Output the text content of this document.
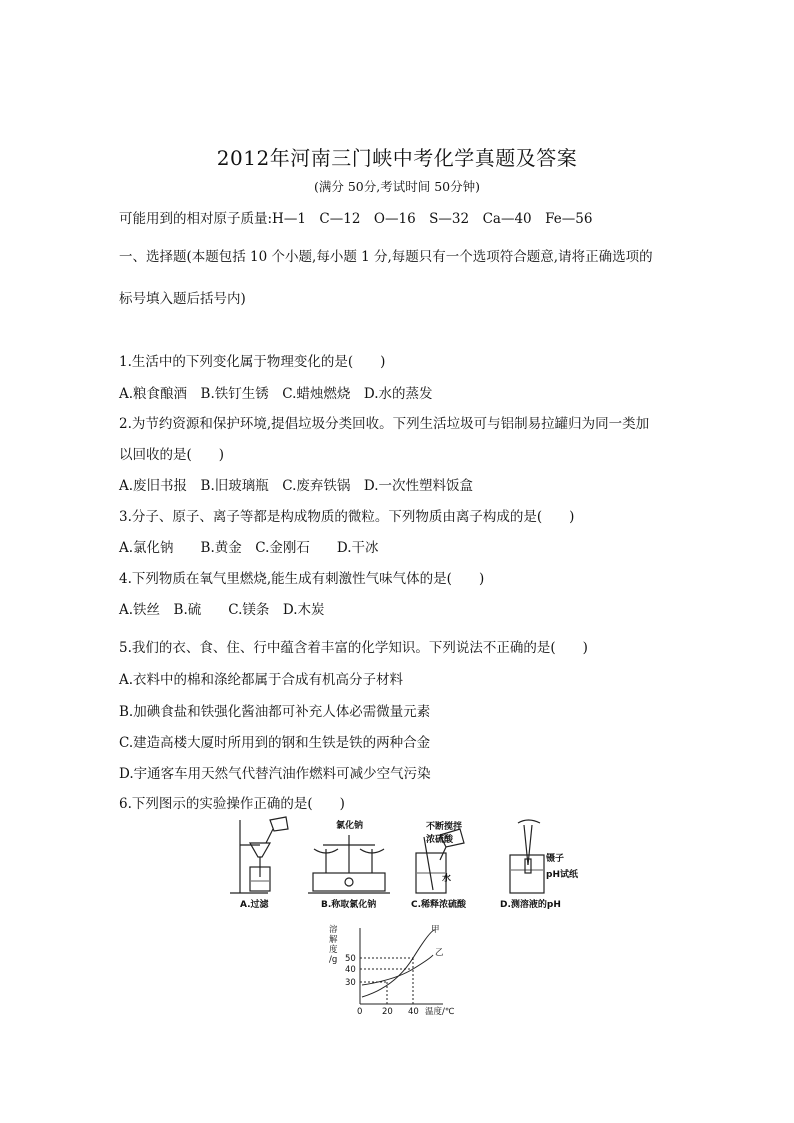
2012年河南三门峡中考化学真题及答案
(满分 50分,考试时间 50分钟)
可能用到的相对原子质量:H—1　C—12　O—16　S—32　Ca—40　Fe—56
一、选择题(本题包括 10 个小题,每小题 1 分,每题只有一个选项符合题意,请将正确选项的
标号填入题后括号内)
1.生活中的下列变化属于物理变化的是(　　)
A.粮食酿酒　B.铁钉生锈　C.蜡烛燃烧　D.水的蒸发
2.为节约资源和保护环境,提倡垃圾分类回收。下列生活垃圾可与铝制易拉罐归为同一类加
以回收的是(　　)
A.废旧书报　B.旧玻璃瓶　C.废弃铁锅　D.一次性塑料饭盒
3.分子、原子、离子等都是构成物质的微粒。下列物质由离子构成的是(　　)
A.氯化钠　　B.黄金　C.金刚石　　D.干冰
4.下列物质在氧气里燃烧,能生成有刺激性气味气体的是(　　)
A.铁丝　B.硫　　C.镁条　D.木炭
5.我们的衣、食、住、行中蕴含着丰富的化学知识。下列说法不正确的是(　　)
A.衣料中的棉和涤纶都属于合成有机高分子材料
B.加碘食盐和铁强化酱油都可补充人体必需微量元素
C.建造高楼大厦时所用到的钢和生铁是铁的两种合金
D.宇通客车用天然气代替汽油作燃料可减少空气污染
6.下列图示的实验操作正确的是(　　)
A.过滤	B.称取氯化钠	C.稀释浓硫酸	D.测溶液的pH
氯化钠	不断搅拌
浓硫酸
水
镊子
pH试纸
溶
解
度
/g
30
40
50
0 20 40 温度/℃
甲
乙
